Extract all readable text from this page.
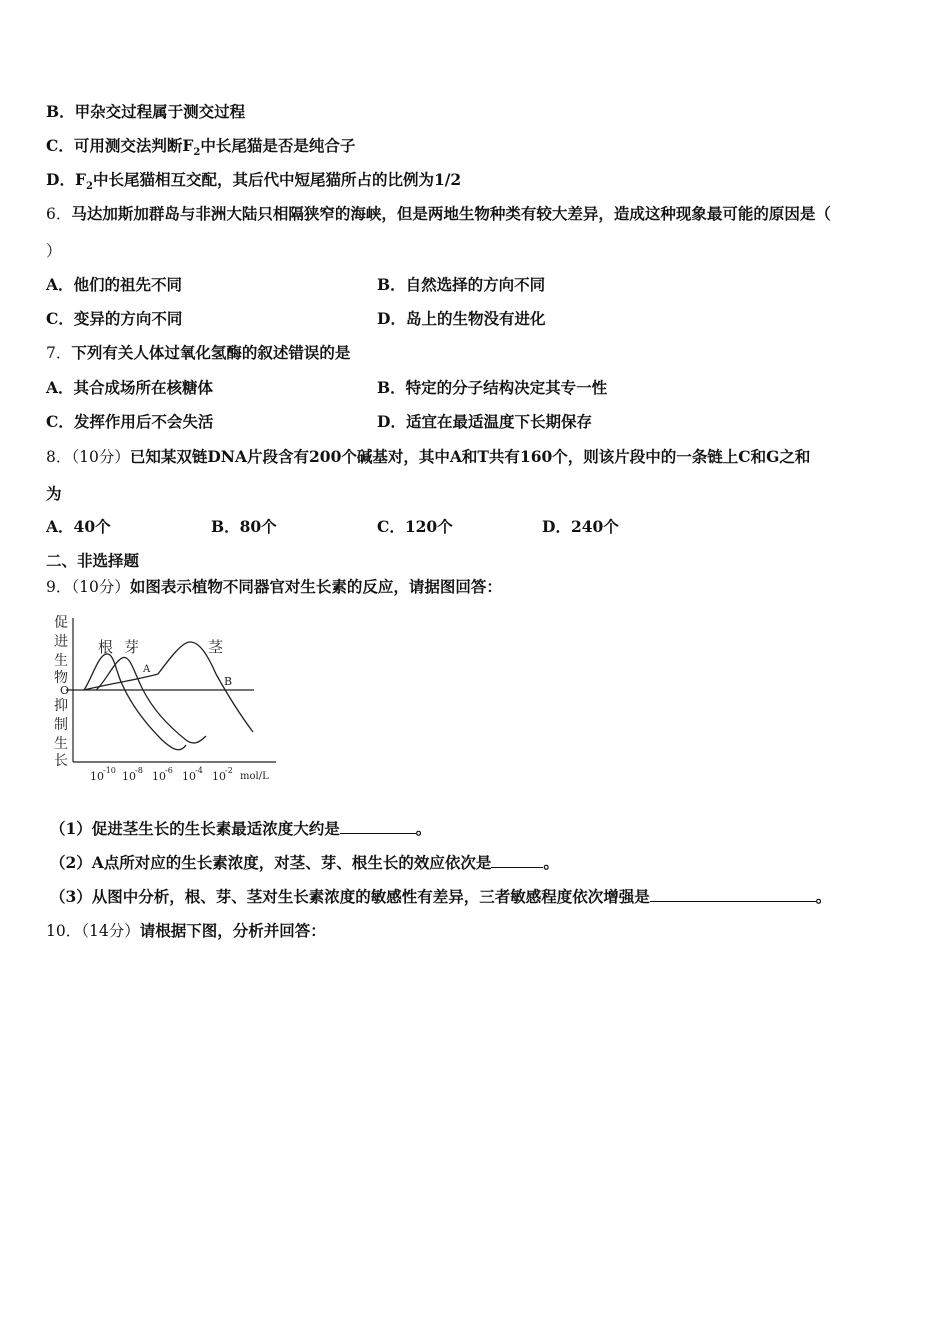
B．甲杂交过程属于测交过程
C．可用测交法判断$F_2$中长尾猫是否是纯合子
D．$F_2$中长尾猫相互交配，其后代中短尾猫所占的比例为1/2
6．马达加斯加群岛与非洲大陆只相隔狭窄的海峡，但是两地生物种类有较大差异，造成这种现象最可能的原因是（
）
A．他们的祖先不同	B．自然选择的方向不同
C．变异的方向不同	D．岛上的生物没有进化
7．下列有关人体过氧化氢酶的叙述错误的是
A．其合成场所在核糖体	B．特定的分子结构决定其专一性
C．发挥作用后不会失活	D．适宜在最适温度下长期保存
8．（10分）已知某双链DNA片段含有200个碱基对，其中A和T共有160个，则该片段中的一条链上C和G之和
为
A．40个	B．80个	C．120个	D．240个
二、非选择题
9．（10分）如图表示植物不同器官对生长素的反应，请据图回答：
促
进
生
物
O
抑
制
生
长
根 芽	茎
A
B
10 -10 10 -8 10 -6 10 -4 10 -2
mol/L
（1）促进茎生长的生长素最适浓度大约是	。
（2）A点所对应的生长素浓度，对茎、芽、根生长的效应依次是	。
（3）从图中分析，根、芽、茎对生长素浓度的敏感性有差异，三者敏感程度依次增强是	。
10．（14分）请根据下图，分析并回答：
